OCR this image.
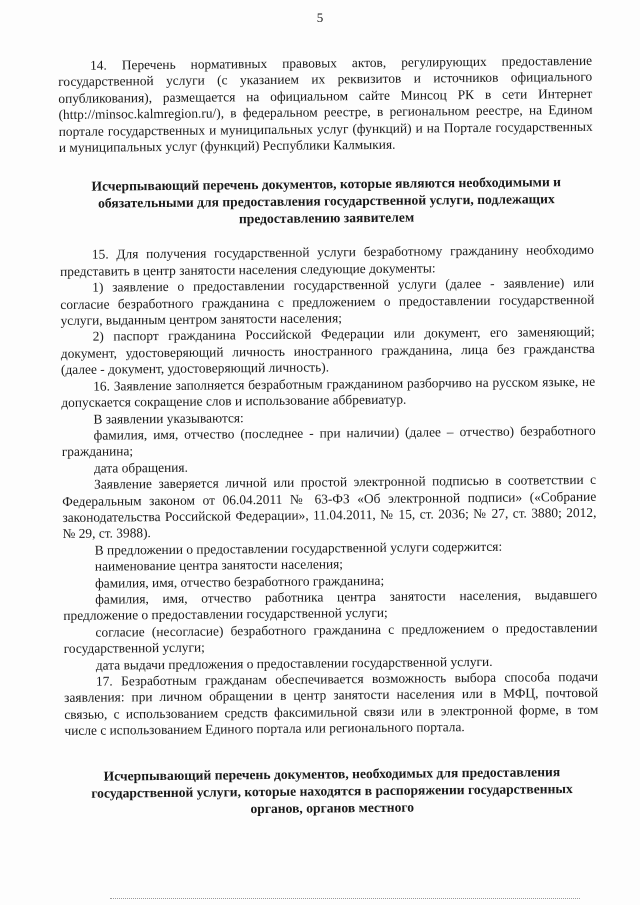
5

14. Перечень нормативных правовых актов, регулирующих предоставление государственной услуги (с указанием их реквизитов и источников официального опубликования), размещается на официальном сайте Минсоц РК в сети Интернет (http://minsoc.kalmregion.ru/), в федеральном реестре, в региональном реестре, на Едином портале государственных и муниципальных услуг (функций) и на Портале государственных и муниципальных услуг (функций) Республики Калмыкия.

Исчерпывающий перечень документов, которые являются необходимыми и обязательными для предоставления государственной услуги, подлежащих предоставлению заявителем

15. Для получения государственной услуги безработному гражданину необходимо представить в центр занятости населения следующие документы:

1) заявление о предоставлении государственной услуги (далее - заявление) или согласие безработного гражданина с предложением о предоставлении государственной услуги, выданным центром занятости населения;

2) паспорт гражданина Российской Федерации или документ, его заменяющий; документ, удостоверяющий личность иностранного гражданина, лица без гражданства (далее - документ, удостоверяющий личность).

16. Заявление заполняется безработным гражданином разборчиво на русском языке, не допускается сокращение слов и использование аббревиатур.

В заявлении указываются:

фамилия, имя, отчество (последнее - при наличии) (далее – отчество) безработного гражданина;

дата обращения.

Заявление заверяется личной или простой электронной подписью в соответствии с Федеральным законом от 06.04.2011 № 63-ФЗ «Об электронной подписи» («Собрание законодательства Российской Федерации», 11.04.2011, № 15, ст. 2036; № 27, ст. 3880; 2012, № 29, ст. 3988).

В предложении о предоставлении государственной услуги содержится:

наименование центра занятости населения;

фамилия, имя, отчество безработного гражданина;

фамилия, имя, отчество работника центра занятости населения, выдавшего предложение о предоставлении государственной услуги;

согласие (несогласие) безработного гражданина с предложением о предоставлении государственной услуги;

дата выдачи предложения о предоставлении государственной услуги.

17. Безработным гражданам обеспечивается возможность выбора способа подачи заявления: при личном обращении в центр занятости населения или в МФЦ, почтовой связью, с использованием средств факсимильной связи или в электронной форме, в том числе с использованием Единого портала или регионального портала.

Исчерпывающий перечень документов, необходимых для предоставления государственной услуги, которые находятся в распоряжении государственных органов, органов местного
